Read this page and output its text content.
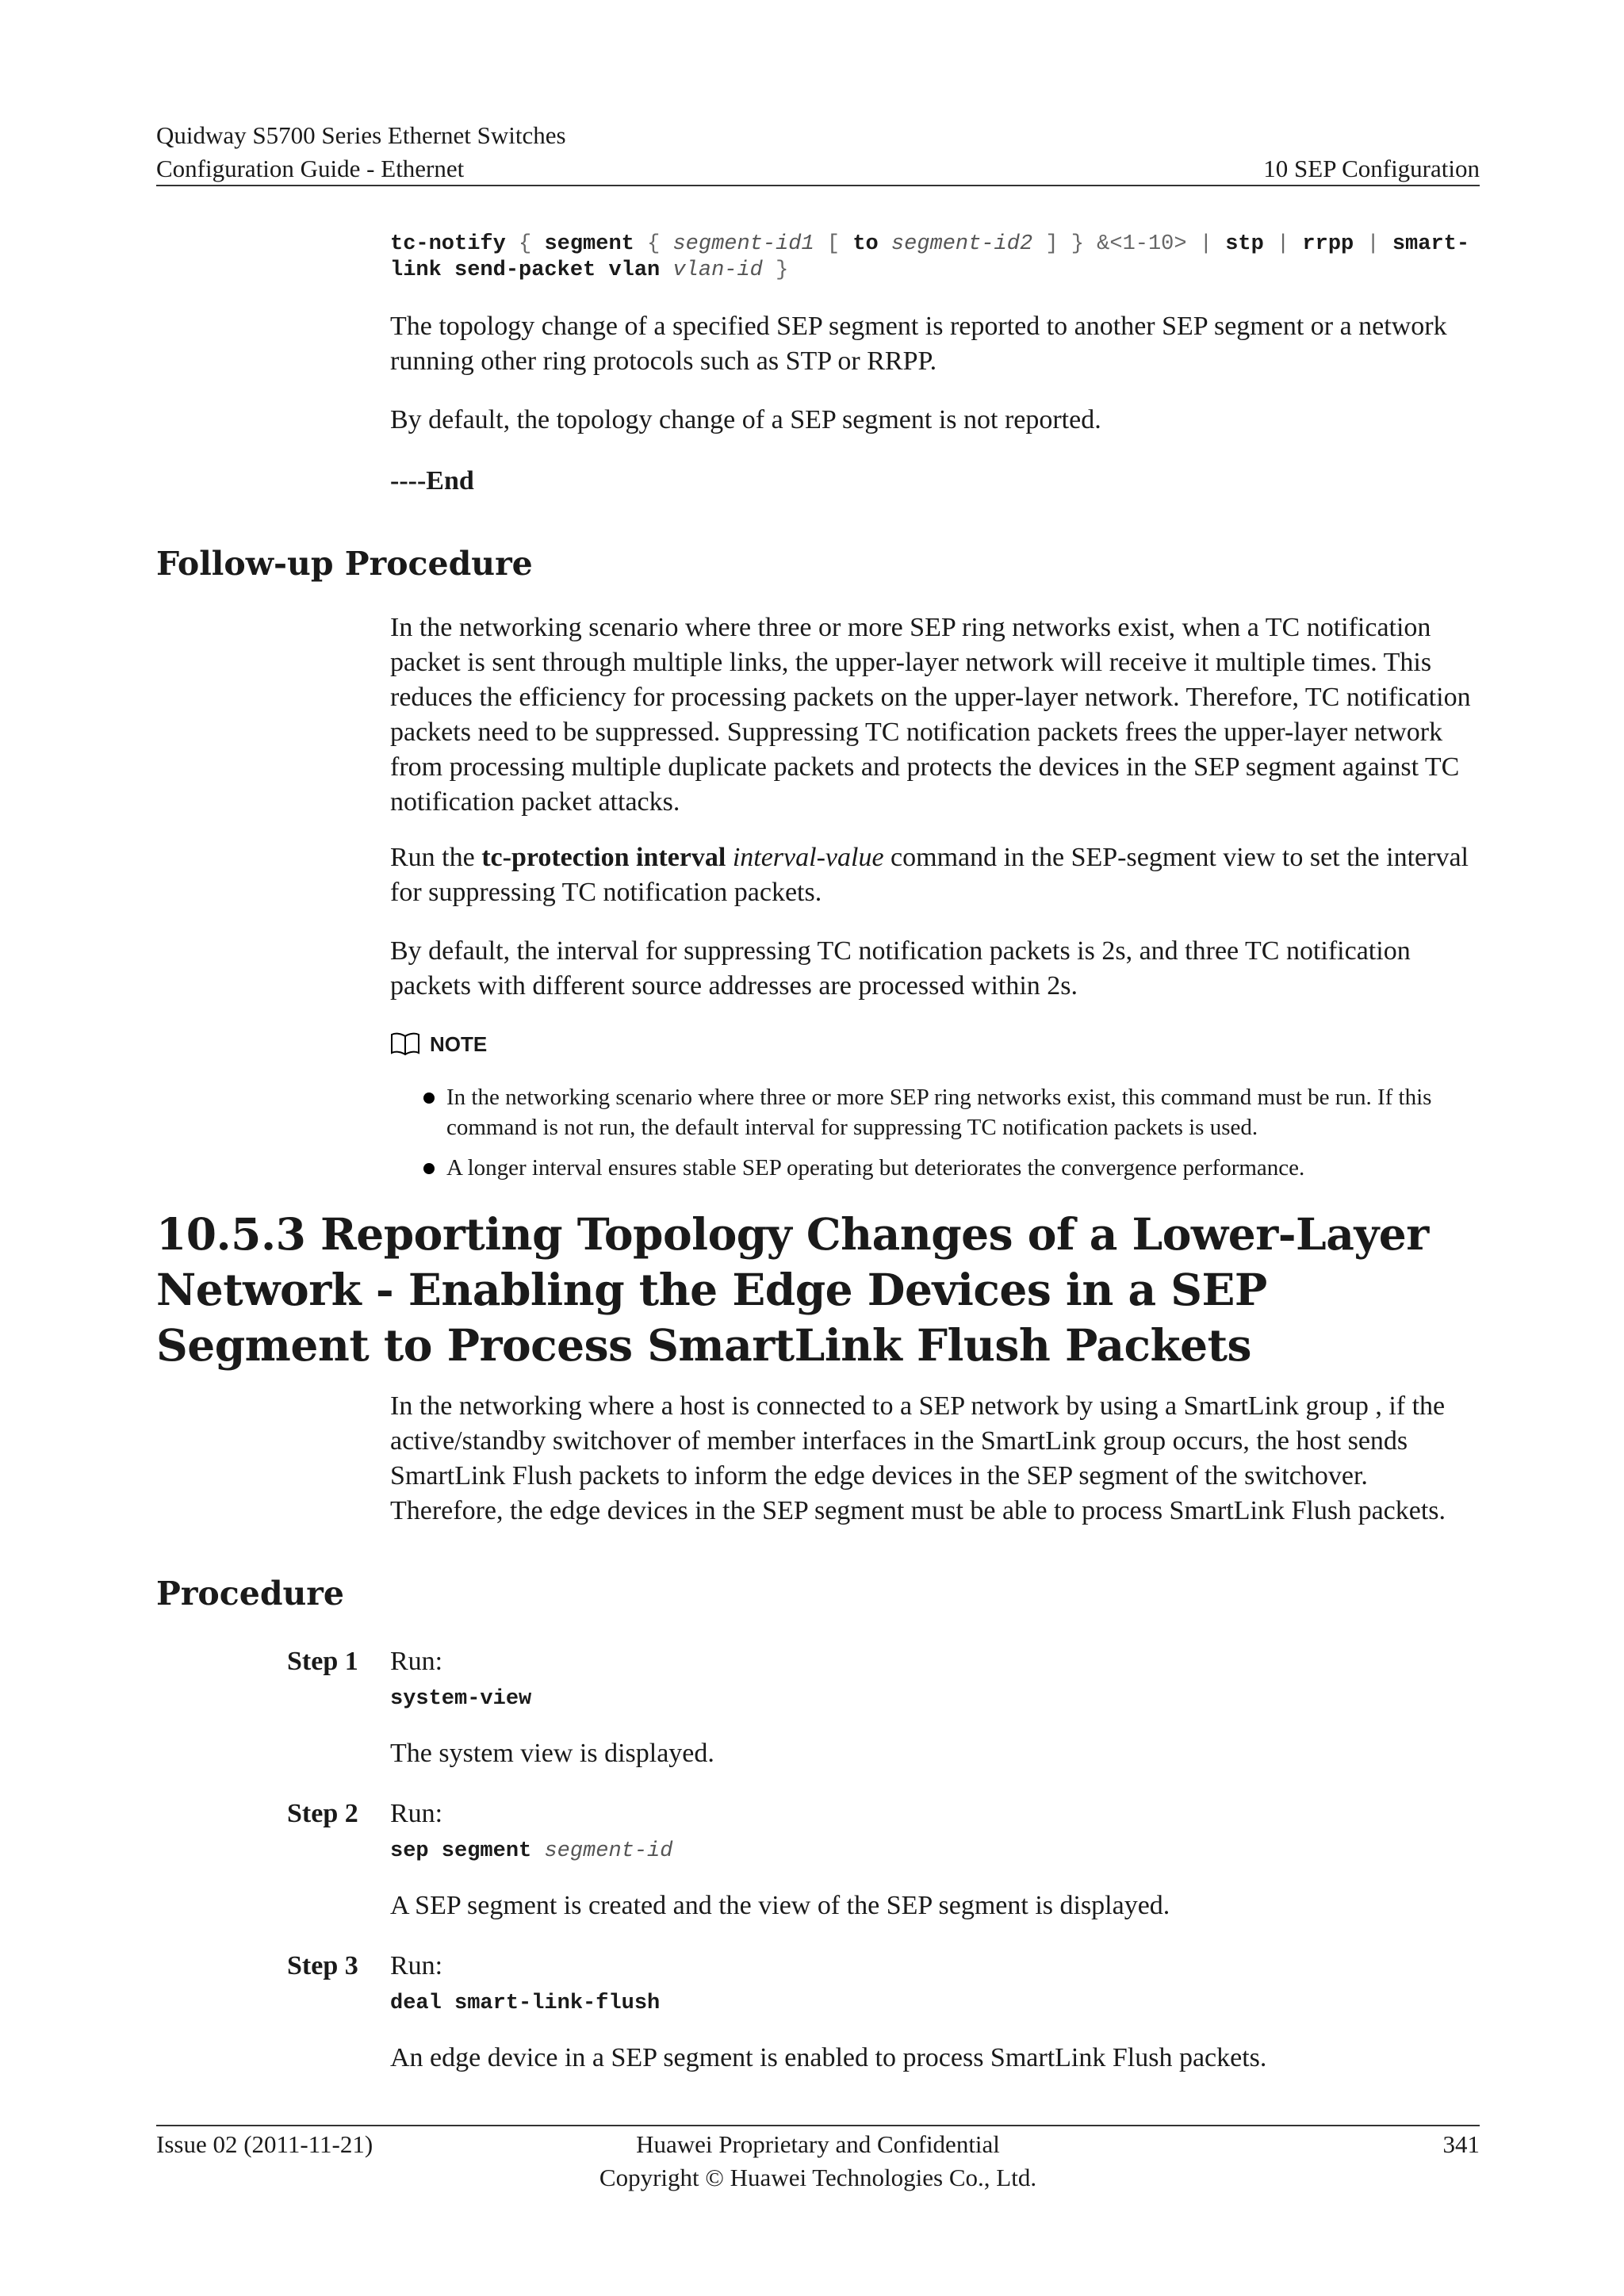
Quidway S5700 Series Ethernet Switches
Configuration Guide - Ethernet	10 SEP Configuration
tc-notify { segment { segment-id1 [ to segment-id2 ] } &<1-10> | stp | rrpp | smart-
link send-packet vlan vlan-id }

The topology change of a specified SEP segment is reported to another SEP segment or a network running other ring protocols such as STP or RRPP.

By default, the topology change of a SEP segment is not reported.

----End

Follow-up Procedure

In the networking scenario where three or more SEP ring networks exist, when a TC notification packet is sent through multiple links, the upper-layer network will receive it multiple times. This reduces the efficiency for processing packets on the upper-layer network. Therefore, TC notification packets need to be suppressed. Suppressing TC notification packets frees the upper-layer network from processing multiple duplicate packets and protects the devices in the SEP segment against TC notification packet attacks.

Run the tc-protection interval interval-value command in the SEP-segment view to set the interval for suppressing TC notification packets.

By default, the interval for suppressing TC notification packets is 2s, and three TC notification packets with different source addresses are processed within 2s.

NOTE
In the networking scenario where three or more SEP ring networks exist, this command must be run. If this command is not run, the default interval for suppressing TC notification packets is used.
A longer interval ensures stable SEP operating but deteriorates the convergence performance.
10.5.3 Reporting Topology Changes of a Lower-Layer Network - Enabling the Edge Devices in a SEP Segment to Process SmartLink Flush Packets

In the networking where a host is connected to a SEP network by using a SmartLink group , if the active/standby switchover of member interfaces in the SmartLink group occurs, the host sends SmartLink Flush packets to inform the edge devices in the SEP segment of the switchover. Therefore, the edge devices in the SEP segment must be able to process SmartLink Flush packets.

Procedure
Step 1 Run:

system-view

The system view is displayed.

Step 2 Run:

sep segment segment-id

A SEP segment is created and the view of the SEP segment is displayed.

Step 3 Run:

deal smart-link-flush

An edge device in a SEP segment is enabled to process SmartLink Flush packets.

Issue 02 (2011-11-21)	Huawei Proprietary and Confidential
Copyright © Huawei Technologies Co., Ltd.
341
